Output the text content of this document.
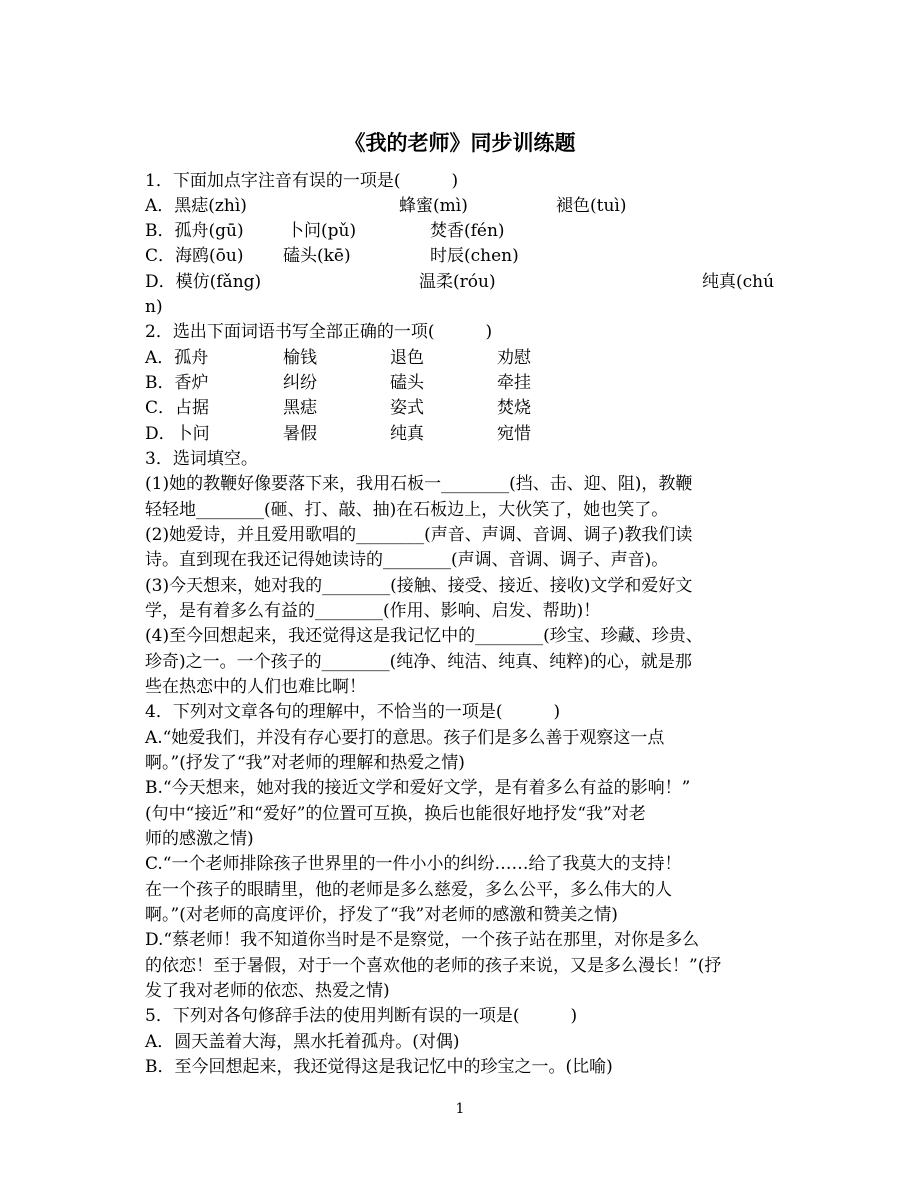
《我的老师》同步训练题
1．下面加点字注音有误的一项是(　　　)
A．黑痣(zhì)	蜂蜜(mì)	褪色(tuì)
B．孤舟(gū)	卜问(pǔ)	焚香(fén)
C．海鸥(ōu) 磕头(kē)	时辰(chen)
D．模仿(fǎng)	温柔(róu)	纯真(chú
n)
2．选出下面词语书写全部正确的一项(　　　)
A．孤舟	榆钱	退色	劝慰
B．香炉	纠纷	磕头	牵挂
C．占据	黑痣	姿式	焚烧
D．卜问	暑假	纯真	宛惜
3．选词填空。
(1)她的教鞭好像要落下来，我用石板一________(挡、击、迎、阻)，教鞭
轻轻地________(砸、打、敲、抽)在石板边上，大伙笑了，她也笑了。
(2)她爱诗，并且爱用歌唱的________(声音、声调、音调、调子)教我们读
诗。直到现在我还记得她读诗的________(声调、音调、调子、声音)。
(3)今天想来，她对我的________(接触、接受、接近、接收)文学和爱好文
学，是有着多么有益的________(作用、影响、启发、帮助)！
(4)至今回想起来，我还觉得这是我记忆中的________(珍宝、珍藏、珍贵、
珍奇)之一。一个孩子的________(纯净、纯洁、纯真、纯粹)的心，就是那
些在热恋中的人们也难比啊！
4．下列对文章各句的理解中，不恰当的一项是(　　　)
A.“她爱我们，并没有存心要打的意思。孩子们是多么善于观察这一点
啊。”(抒发了“我”对老师的理解和热爱之情)
B.“今天想来，她对我的接近文学和爱好文学，是有着多么有益的影响！”
(句中“接近”和“爱好”的位置可互换，换后也能很好地抒发“我”对老
师的感激之情)
C.“一个老师排除孩子世界里的一件小小的纠纷……给了我莫大的支持！
在一个孩子的眼睛里，他的老师是多么慈爱，多么公平，多么伟大的人
啊。”(对老师的高度评价，抒发了“我”对老师的感激和赞美之情)
D.“蔡老师！我不知道你当时是不是察觉，一个孩子站在那里，对你是多么
的依恋！至于暑假，对于一个喜欢他的老师的孩子来说，又是多么漫长！”(抒
发了我对老师的依恋、热爱之情)
5．下列对各句修辞手法的使用判断有误的一项是(　　　)
A．圆天盖着大海，黑水托着孤舟。(对偶)
B．至今回想起来，我还觉得这是我记忆中的珍宝之一。(比喻)
1
